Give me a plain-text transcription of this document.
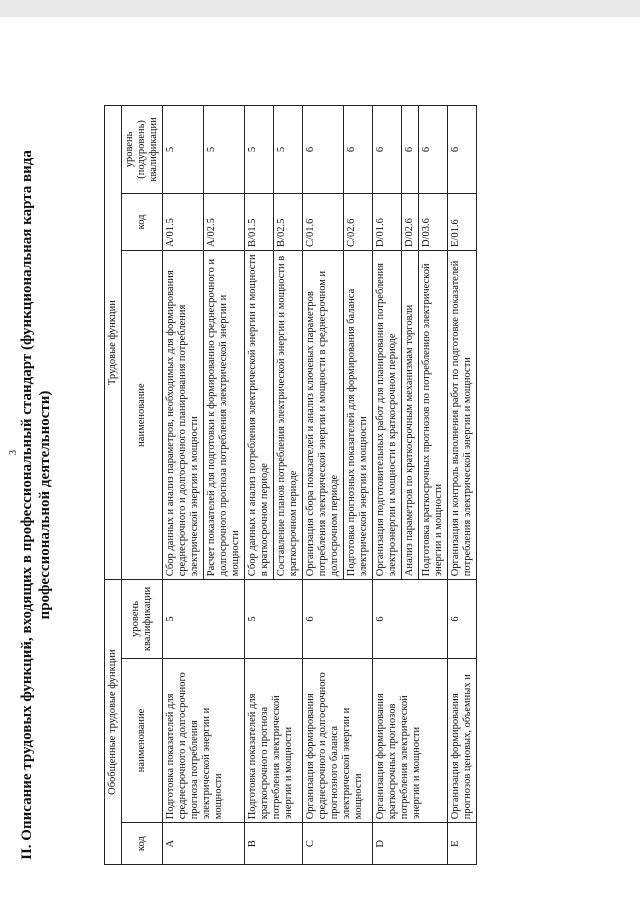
3 II. Описание трудовых функций, входящих в профессиональный стандарт (функциональная карта вида профессиональной деятельности)
Обобщенные трудовые функции			Трудовые функции		
код	наименование	уровень квалификации	наименование	код	уровень (подуровень) квалификации
A	Подготовка показателей для среднесрочного и долгосрочного прогноза потребления электрической энергии и мощности	5	Сбор данных и анализ параметров, необходимых для формирования среднесрочного и долгосрочного планирования потребления электрической энергии и мощности	A/01.5	5
			Расчет показателей для подготовки к формированию среднесрочного и долгосрочного прогноза потребления электрической энергии и мощности	A/02.5	5
B	Подготовка показателей для краткосрочного прогноза потребления электрической энергии и мощности	5	Сбор данных и анализ потребления электрической энергии и мощности в краткосрочном периоде	B/01.5	5
			Составление планов потребления электрической энергии и мощности в краткосрочном периоде	B/02.5	5
C	Организация формирования среднесрочного и долгосрочного прогнозного баланса электрической энергии и мощности	6	Организация сбора показателей и анализ ключевых параметров потребления электрической энергии и мощности в среднесрочном и долгосрочном периоде	C/01.6	6
			Подготовка прогнозных показателей для формирования баланса электрической энергии и мощности	C/02.6	6
D	Организация формирования краткосрочных прогнозов потребления электрической энергии и мощности	6	Организация подготовительных работ для планирования потребления электроэнергии и мощности в краткосрочном периоде	D/01.6	6
			Анализ параметров по краткосрочным механизмам торговли	D/02.6	6
			Подготовка краткосрочных прогнозов по потреблению электрической энергии и мощности	D/03.6	6
E	Организация формирования прогнозов ценовых, объемных и	6	Организация и контроль выполнения работ по подготовке показателей потребления электрической энергии и мощности	E/01.6	6
